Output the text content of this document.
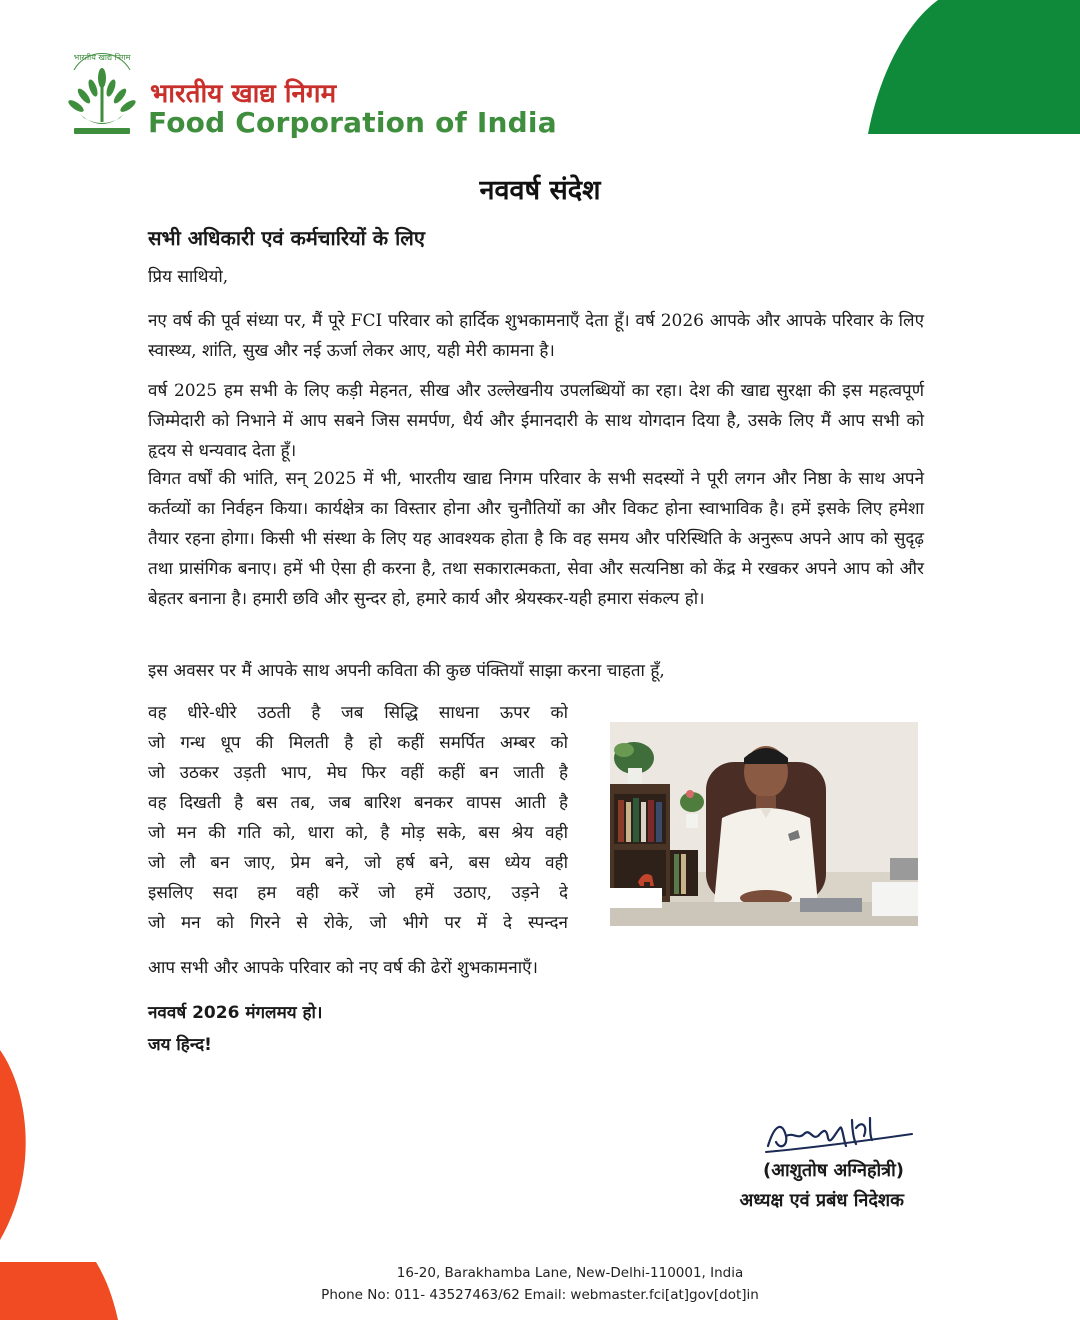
भारतीय खाद्य निगम
भारतीय खाद्य निगम
Food Corporation of India
नववर्ष संदेश
सभी अधिकारी एवं कर्मचारियों के लिए
प्रिय साथियो,

नए वर्ष की पूर्व संध्या पर, मैं पूरे FCI परिवार को हार्दिक शुभकामनाएँ देता हूँ। वर्ष 2026 आपके और आपके परिवार के लिए स्वास्थ्य, शांति, सुख और नई ऊर्जा लेकर आए, यही मेरी कामना है।

वर्ष 2025 हम सभी के लिए कड़ी मेहनत, सीख और उल्लेखनीय उपलब्धियों का रहा। देश की खाद्य सुरक्षा की इस महत्वपूर्ण जिम्मेदारी को निभाने में आप सबने जिस समर्पण, धैर्य और ईमानदारी के साथ योगदान दिया है, उसके लिए मैं आप सभी को हृदय से धन्यवाद देता हूँ।

विगत वर्षों की भांति, सन् 2025 में भी, भारतीय खाद्य निगम परिवार के सभी सदस्यों ने पूरी लगन और निष्ठा के साथ अपने कर्तव्यों का निर्वहन किया। कार्यक्षेत्र का विस्तार होना और चुनौतियों का और विकट होना स्वाभाविक है। हमें इसके लिए हमेशा तैयार रहना होगा। किसी भी संस्था के लिए यह आवश्यक होता है कि वह समय और परिस्थिति के अनुरूप अपने आप को सुदृढ़ तथा प्रासंगिक बनाए। हमें भी ऐसा ही करना है, तथा सकारात्मकता, सेवा और सत्यनिष्ठा को केंद्र मे रखकर अपने आप को और बेहतर बनाना है। हमारी छवि और सुन्दर हो, हमारे कार्य और श्रेयस्कर-यही हमारा संकल्प हो।

इस अवसर पर मैं आपके साथ अपनी कविता की कुछ पंक्तियाँ साझा करना चाहता हूँ,

वह धीरे-धीरे उठती है जब सिद्धि साधना ऊपर को
जो गन्ध धूप की मिलती है हो कहीं समर्पित अम्बर को
जो उठकर उड़ती भाप, मेघ फिर वहीं कहीं बन जाती है
वह दिखती है बस तब, जब बारिश बनकर वापस आती है
जो मन की गति को, धारा को, है मोड़ सके, बस श्रेय वही
जो लौ बन जाए, प्रेम बने, जो हर्ष बने, बस ध्येय वही
इसलिए सदा हम वही करें जो हमें उठाए, उड़ने दे
जो मन को गिरने से रोके, जो भीगे पर में दे स्पन्दन
आप सभी और आपके परिवार को नए वर्ष की ढेरों शुभकामनाएँ।
नववर्ष 2026 मंगलमय हो।
जय हिन्द!
(आशुतोष अग्निहोत्री)
अध्यक्ष एवं प्रबंध निदेशक
16-20, Barakhamba Lane, New-Delhi-110001, India
Phone No: 011- 43527463/62 Email: webmaster.fci[at]gov[dot]in
